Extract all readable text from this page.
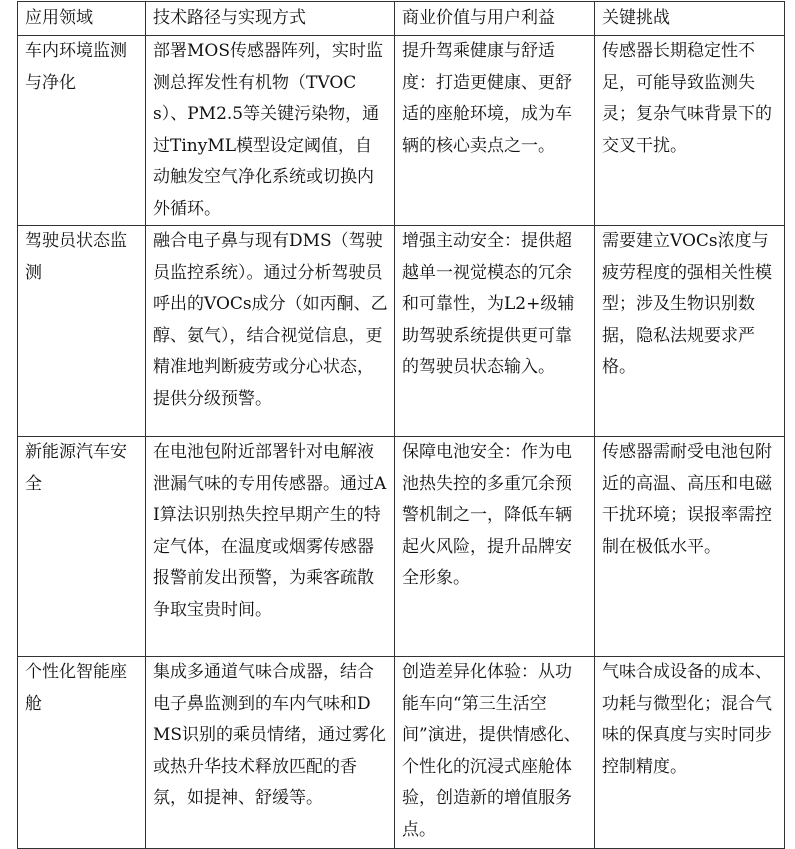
应用领域	技术路径与实现方式	商业价值与用户利益	关键挑战
车内环境监测与净化	部署MOS传感器阵列，实时监测总挥发性有机物（TVOCs）、PM2.5等关键污染物，通过TinyML模型设定阈值，自动触发空气净化系统或切换内外循环。	提升驾乘健康与舒适度：打造更健康、更舒适的座舱环境，成为车辆的核心卖点之一。	传感器长期稳定性不足，可能导致监测失灵；复杂气味背景下的交叉干扰。
驾驶员状态监测	融合电子鼻与现有DMS（驾驶员监控系统）。通过分析驾驶员呼出的VOCs成分（如丙酮、乙醇、氨气），结合视觉信息，更精准地判断疲劳或分心状态，提供分级预警。	增强主动安全：提供超越单一视觉模态的冗余和可靠性，为L2+级辅助驾驶系统提供更可靠的驾驶员状态输入。	需要建立VOCs浓度与疲劳程度的强相关性模型；涉及生物识别数据，隐私法规要求严格。
新能源汽车安全	在电池包附近部署针对电解液泄漏气味的专用传感器。通过AI算法识别热失控早期产生的特定气体，在温度或烟雾传感器报警前发出预警，为乘客疏散争取宝贵时间。	保障电池安全：作为电池热失控的多重冗余预警机制之一，降低车辆起火风险，提升品牌安全形象。	传感器需耐受电池包附近的高温、高压和电磁干扰环境；误报率需控制在极低水平。
个性化智能座舱	集成多通道气味合成器，结合电子鼻监测到的车内气味和DMS识别的乘员情绪，通过雾化或热升华技术释放匹配的香氛，如提神、舒缓等。	创造差异化体验：从功能车向“第三生活空间”演进，提供情感化、个性化的沉浸式座舱体验，创造新的增值服务点。	气味合成设备的成本、功耗与微型化；混合气味的保真度与实时同步控制精度。
